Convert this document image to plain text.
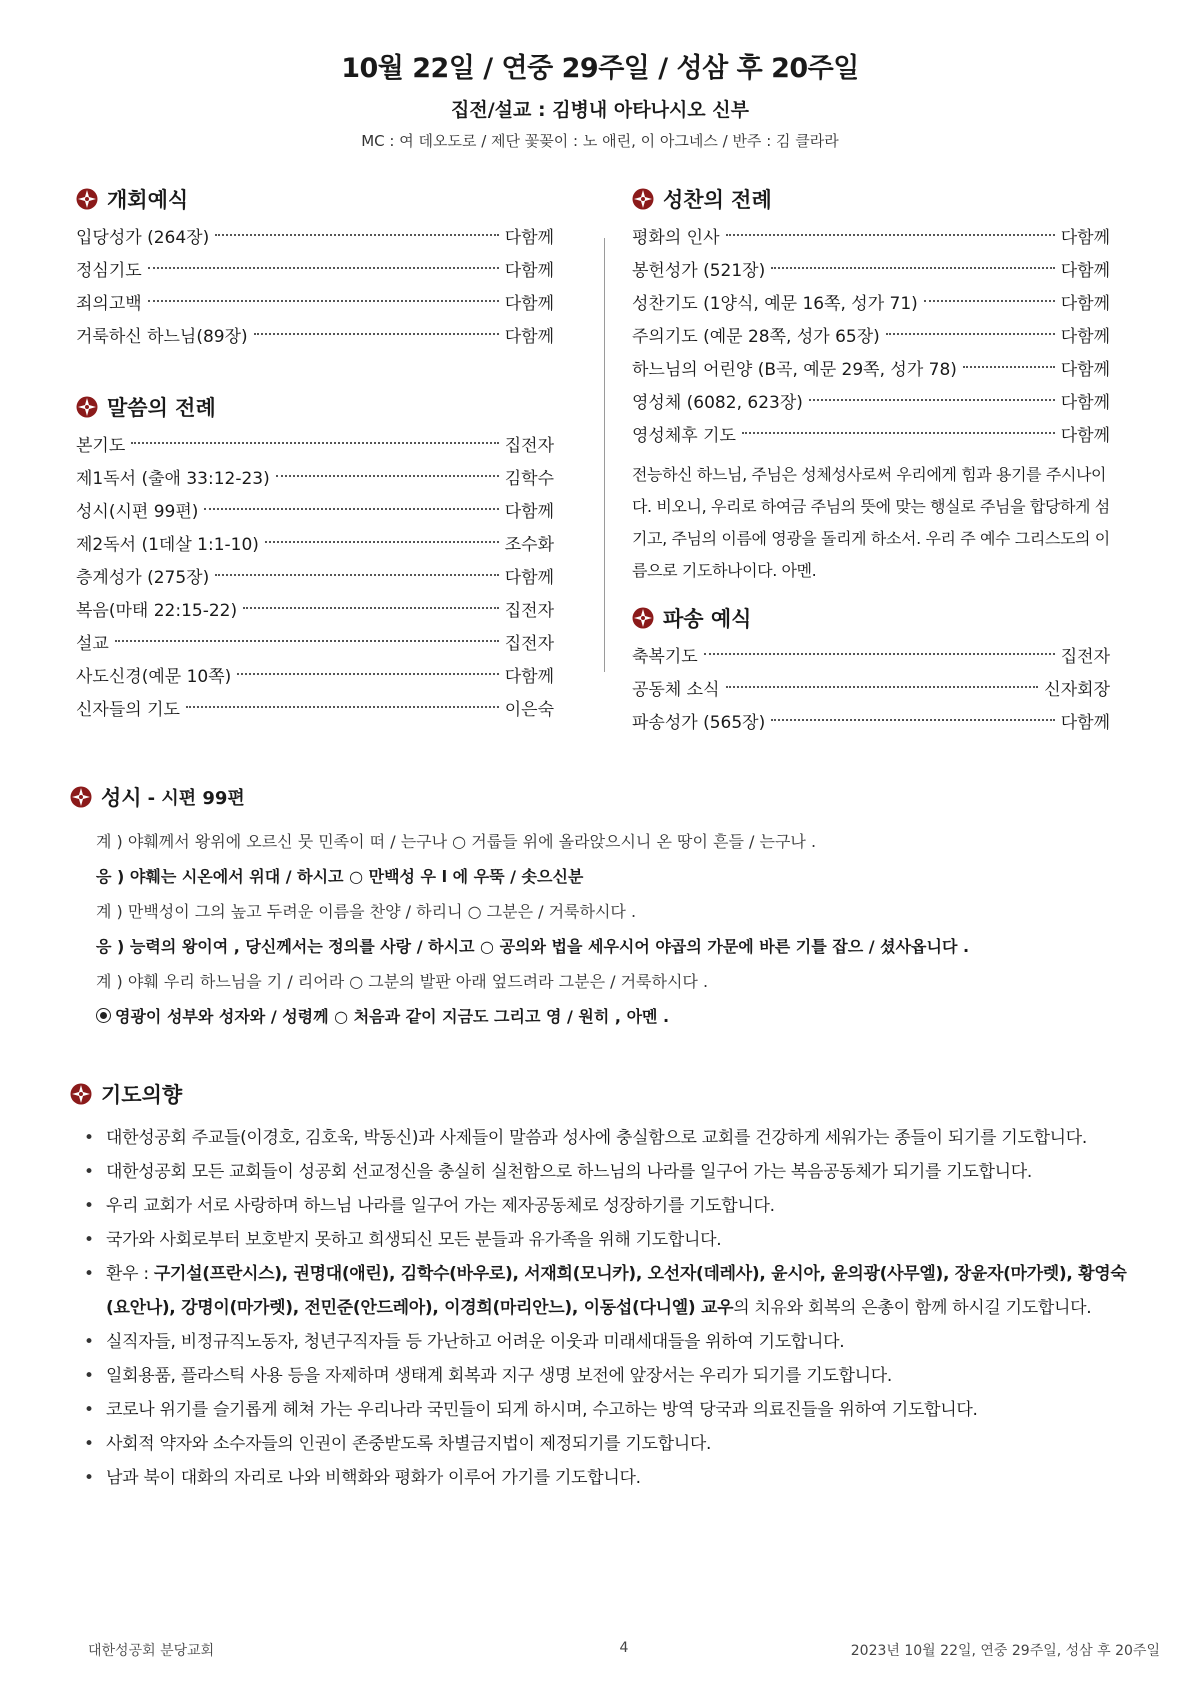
10월 22일 / 연중 29주일 / 성삼 후 20주일
집전/설교 : 김병내 아타나시오 신부
MC : 여 데오도로 / 제단 꽃꽂이 : 노 애린, 이 아그네스 / 반주 : 김 클라라
개회예식
입당성가 (264장)	다함께
정심기도	다함께
죄의고백	다함께
거룩하신 하느님(89장)	다함께
말씀의 전례
본기도	집전자
제1독서 (출애 33:12-23)	김학수
성시(시편 99편)	다함께
제2독서 (1데살 1:1-10)	조수화
층계성가 (275장)	다함께
복음(마태 22:15-22)	집전자
설교	집전자
사도신경(예문 10쪽)	다함께
신자들의 기도	이은숙
성찬의 전례
평화의 인사	다함께
봉헌성가 (521장)	다함께
성찬기도 (1양식, 예문 16쪽, 성가 71)	다함께
주의기도 (예문 28쪽, 성가 65장)	다함께
하느님의 어린양 (B곡, 예문 29쪽, 성가 78)	다함께
영성체 (6082, 623장)	다함께
영성체후 기도	다함께
전능하신 하느님, 주님은 성체성사로써 우리에게 힘과 용기를 주시나이다. 비오니, 우리로 하여금 주님의 뜻에 맞는 행실로 주님을 합당하게 섬기고, 주님의 이름에 영광을 돌리게 하소서. 우리 주 예수 그리스도의 이름으로 기도하나이다. 아멘.
파송 예식
축복기도	집전자
공동체 소식	신자회장
파송성가 (565장)	다함께
성시 - 시편 99편
계 ) 야훼께서 왕위에 오르신 뭇 민족이 떠 / 는구나 ○ 거룹들 위에 올라앉으시니 온 땅이 흔들 / 는구나 .
응 ) 야훼는 시온에서 위대 / 하시고 ○ 만백성 우 l 에 우뚝 / 솟으신분
계 ) 만백성이 그의 높고 두려운 이름을 찬양 / 하리니 ○ 그분은 / 거룩하시다 .
응 ) 능력의 왕이여 , 당신께서는 정의를 사랑 / 하시고 ○ 공의와 법을 세우시어 야곱의 가문에 바른 기틀 잡으 / 셨사옵니다 .
계 ) 야훼 우리 하느님을 기 / 리어라 ○ 그분의 발판 아래 엎드려라 그분은 / 거룩하시다 .
영광이 성부와 성자와 / 성령께 ○ 처음과 같이 지금도 그리고 영 / 원히 , 아멘 .
기도의향
• 대한성공회 주교들(이경호, 김호욱, 박동신)과 사제들이 말씀과 성사에 충실함으로 교회를 건강하게 세워가는 종들이 되기를 기도합니다.
• 대한성공회 모든 교회들이 성공회 선교정신을 충실히 실천함으로 하느님의 나라를 일구어 가는 복음공동체가 되기를 기도합니다.
• 우리 교회가 서로 사랑하며 하느님 나라를 일구어 가는 제자공동체로 성장하기를 기도합니다.
• 국가와 사회로부터 보호받지 못하고 희생되신 모든 분들과 유가족을 위해 기도합니다.
• 환우 : 구기설(프란시스), 권명대(애린), 김학수(바우로), 서재희(모니카), 오선자(데레사), 윤시아, 윤의광(사무엘), 장윤자(마가렛), 황영숙(요안나), 강명이(마가렛), 전민준(안드레아), 이경희(마리안느), 이동섭(다니엘) 교우의 치유와 회복의 은총이 함께 하시길 기도합니다.
• 실직자들, 비정규직노동자, 청년구직자들 등 가난하고 어려운 이웃과 미래세대들을 위하여 기도합니다.
• 일회용품, 플라스틱 사용 등을 자제하며 생태계 회복과 지구 생명 보전에 앞장서는 우리가 되기를 기도합니다.
• 코로나 위기를 슬기롭게 헤쳐 가는 우리나라 국민들이 되게 하시며, 수고하는 방역 당국과 의료진들을 위하여 기도합니다.
• 사회적 약자와 소수자들의 인권이 존중받도록 차별금지법이 제정되기를 기도합니다.
• 남과 북이 대화의 자리로 나와 비핵화와 평화가 이루어 가기를 기도합니다.
대한성공회 분당교회	4	2023년 10월 22일, 연중 29주일, 성삼 후 20주일
